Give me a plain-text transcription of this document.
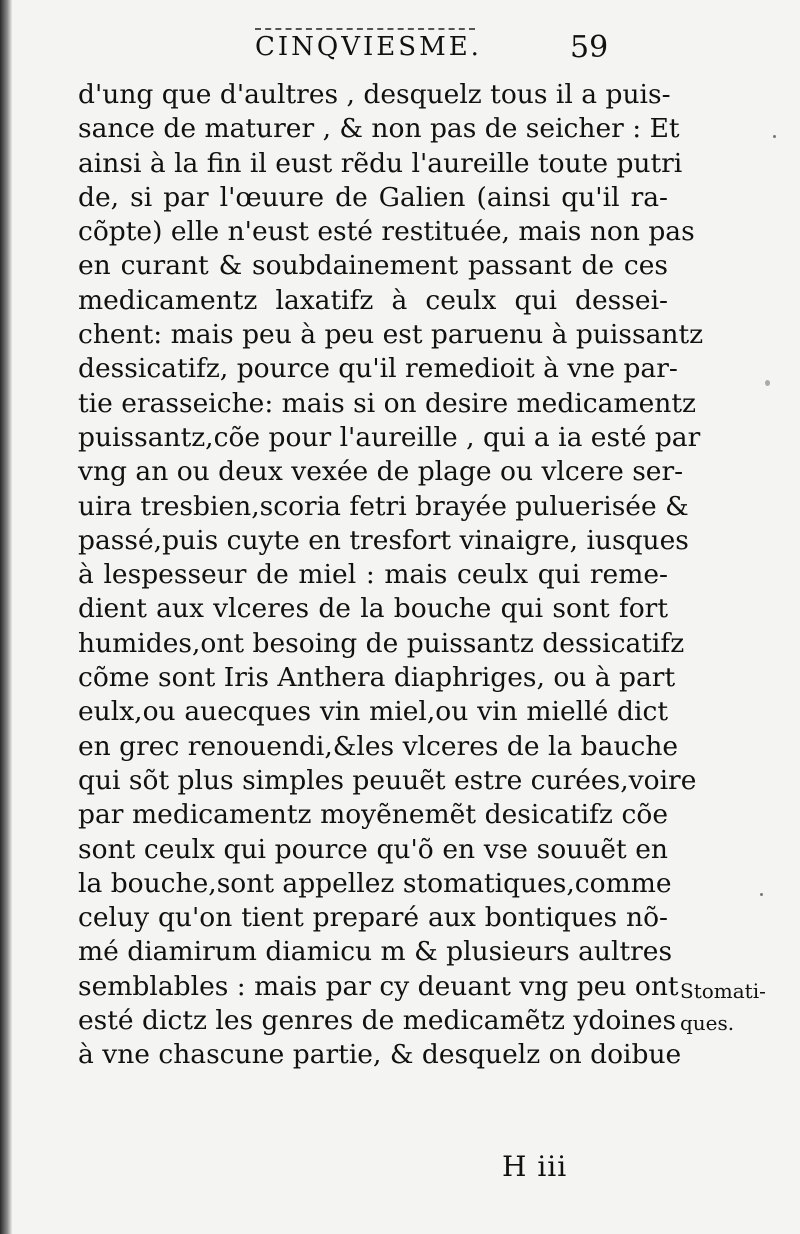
CINQVIESME.	59
d'ung que d'aultres , desquelz tous il a puis-
sance de maturer , & non pas de seicher : Et
ainsi à la fin il eust rẽdu l'aureille toute putri
de, si par l'œuure de Galien (ainsi qu'il ra-
cõpte) elle n'eust esté restituée, mais non pas
en curant & soubdainement passant de ces
medicamentz laxatifz à ceulx qui dessei-
chent: mais peu à peu est paruenu à puissantz
dessicatifz, pource qu'il remedioit à vne par-
tie erasseiche: mais si on desire medicamentz
puissantz,cõe pour l'aureille , qui a ia esté par
vng an ou deux vexée de plage ou vlcere ser-
uira tresbien,scoria fetri brayée puluerisée &
passé,puis cuyte en tresfort vinaigre, iusques
à lespesseur de miel : mais ceulx qui reme-
dient aux vlceres de la bouche qui sont fort
humides,ont besoing de puissantz dessicatifz
cõme sont Iris Anthera diaphriges, ou à part
eulx,ou auecques vin miel,ou vin miellé dict
en grec renouendi,&les vlceres de la bauche
qui sõt plus simples peuuẽt estre curées,voire
par medicamentz moyẽnemẽt desicatifz cõe
sont ceulx qui pource qu'õ en vse souuẽt en
la bouche,sont appellez stomatiques,comme
celuy qu'on tient preparé aux bontiques nõ-
mé diamirum diamicu m & plusieurs aultres
semblables : mais par cy deuant vng peu ont
esté dictz les genres de medicamẽtz ydoines
à vne chascune partie, & desquelz on doibue
Stomati-
ques.
H iii
